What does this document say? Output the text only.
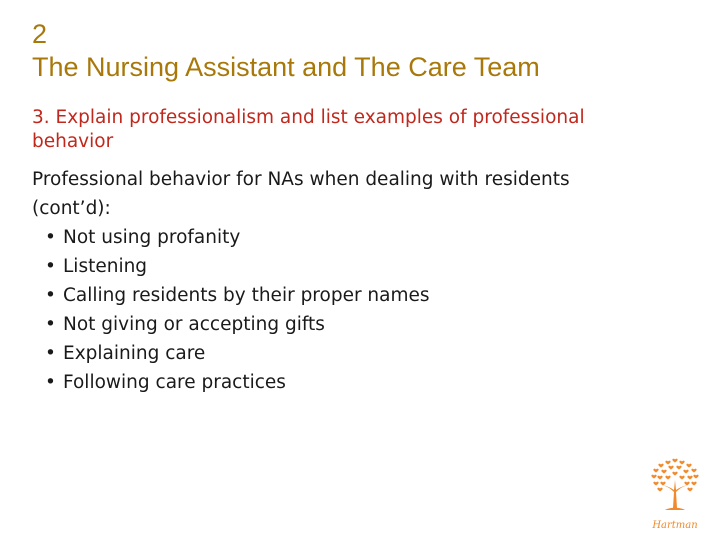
2
The Nursing Assistant and The Care Team
3. Explain professionalism and list examples of professional
behavior
Professional behavior for NAs when dealing with residents
(cont’d):
• Not using profanity
• Listening
• Calling residents by their proper names
• Not giving or accepting gifts
• Explaining care
• Following care practices
Hartman
